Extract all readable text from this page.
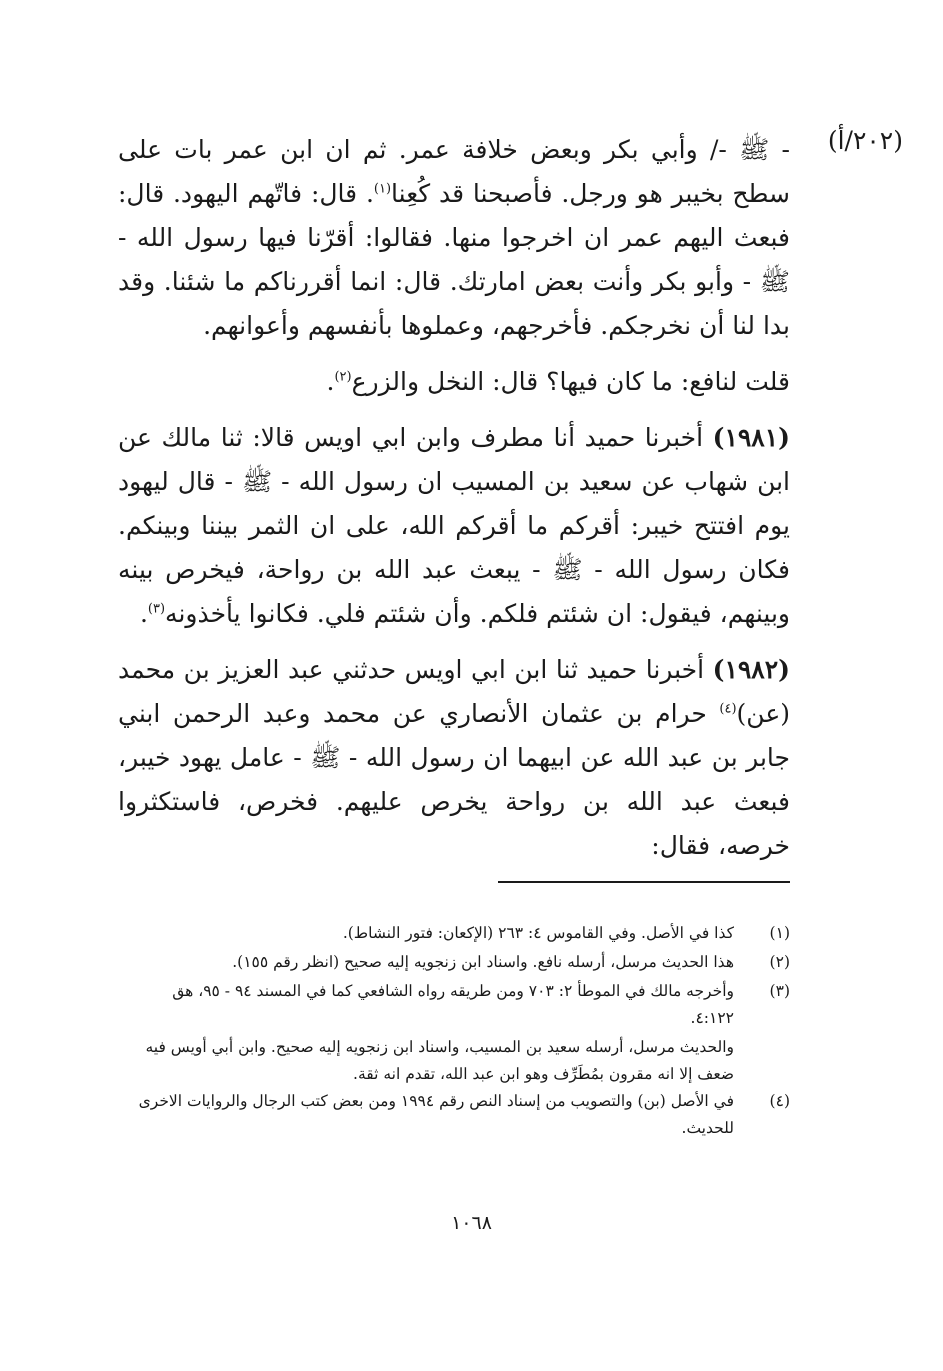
(٢٠٢/أ)

- ﷺ -/ وأبي بكر وبعض خلافة عمر. ثم ان ابن عمر بات على سطح بخيبر هو ورجل. فأصبحنا قد كُعِنا$^{(١)}$. قال: فاتّهم اليهود. قال: فبعث اليهم عمر ان اخرجوا منها. فقالوا: أقرّنا فيها رسول الله - ﷺ - وأبو بكر وأنت بعض امارتك. قال: انما أقررناكم ما شئنا. وقد بدا لنا أن نخرجكم. فأخرجهم، وعملوها بأنفسهم وأعوانهم.

قلت لنافع: ما كان فيها؟ قال: النخل والزرع$^{(٢)}$.

(١٩٨١) أخبرنا حميد أنا مطرف وابن ابي اويس قالا: ثنا مالك عن ابن شهاب عن سعيد بن المسيب ان رسول الله - ﷺ - قال ليهود يوم افتتح خيبر: أقركم ما أقركم الله، على ان الثمر بيننا وبينكم. فكان رسول الله - ﷺ - يبعث عبد الله بن رواحة، فيخرص بينه وبينهم، فيقول: ان شئتم فلكم. وأن شئتم فلي. فكانوا يأخذونه$^{(٣)}$.

(١٩٨٢) أخبرنا حميد ثنا ابن ابي اويس حدثني عبد العزيز بن محمد (عن)$^{(٤)}$ حرام بن عثمان الأنصاري عن محمد وعبد الرحمن ابني جابر بن عبد الله عن ابيهما ان رسول الله - ﷺ - عامل يهود خيبر، فبعث عبد الله بن رواحة يخرص عليهم. فخرص، فاستكثروا خرصه، فقال:

(١)
كذا في الأصل. وفي القاموس ٤: ٢٦٣ (الإكعان: فتور النشاط).
(٢)
هذا الحديث مرسل، أرسله نافع. واسناد ابن زنجويه إليه صحيح (انظر رقم ١٥٥).
(٣)
وأخرجه مالك في الموطأ ٢: ٧٠٣ ومن طريقه رواه الشافعي كما في المسند ٩٤ - ٩٥، هق ٤:١٢٢.
والحديث مرسل، أرسله سعيد بن المسيب، واسناد ابن زنجويه إليه صحيح. وابن أبي أويس فيه ضعف إلا انه مقرون بمُطَرِّف وهو ابن عبد الله، تقدم انه ثقة.
(٤)
في الأصل (بن) والتصويب من إسناد النص رقم ١٩٩٤ ومن بعض كتب الرجال والروايات الاخرى للحديث.
١٠٦٨
